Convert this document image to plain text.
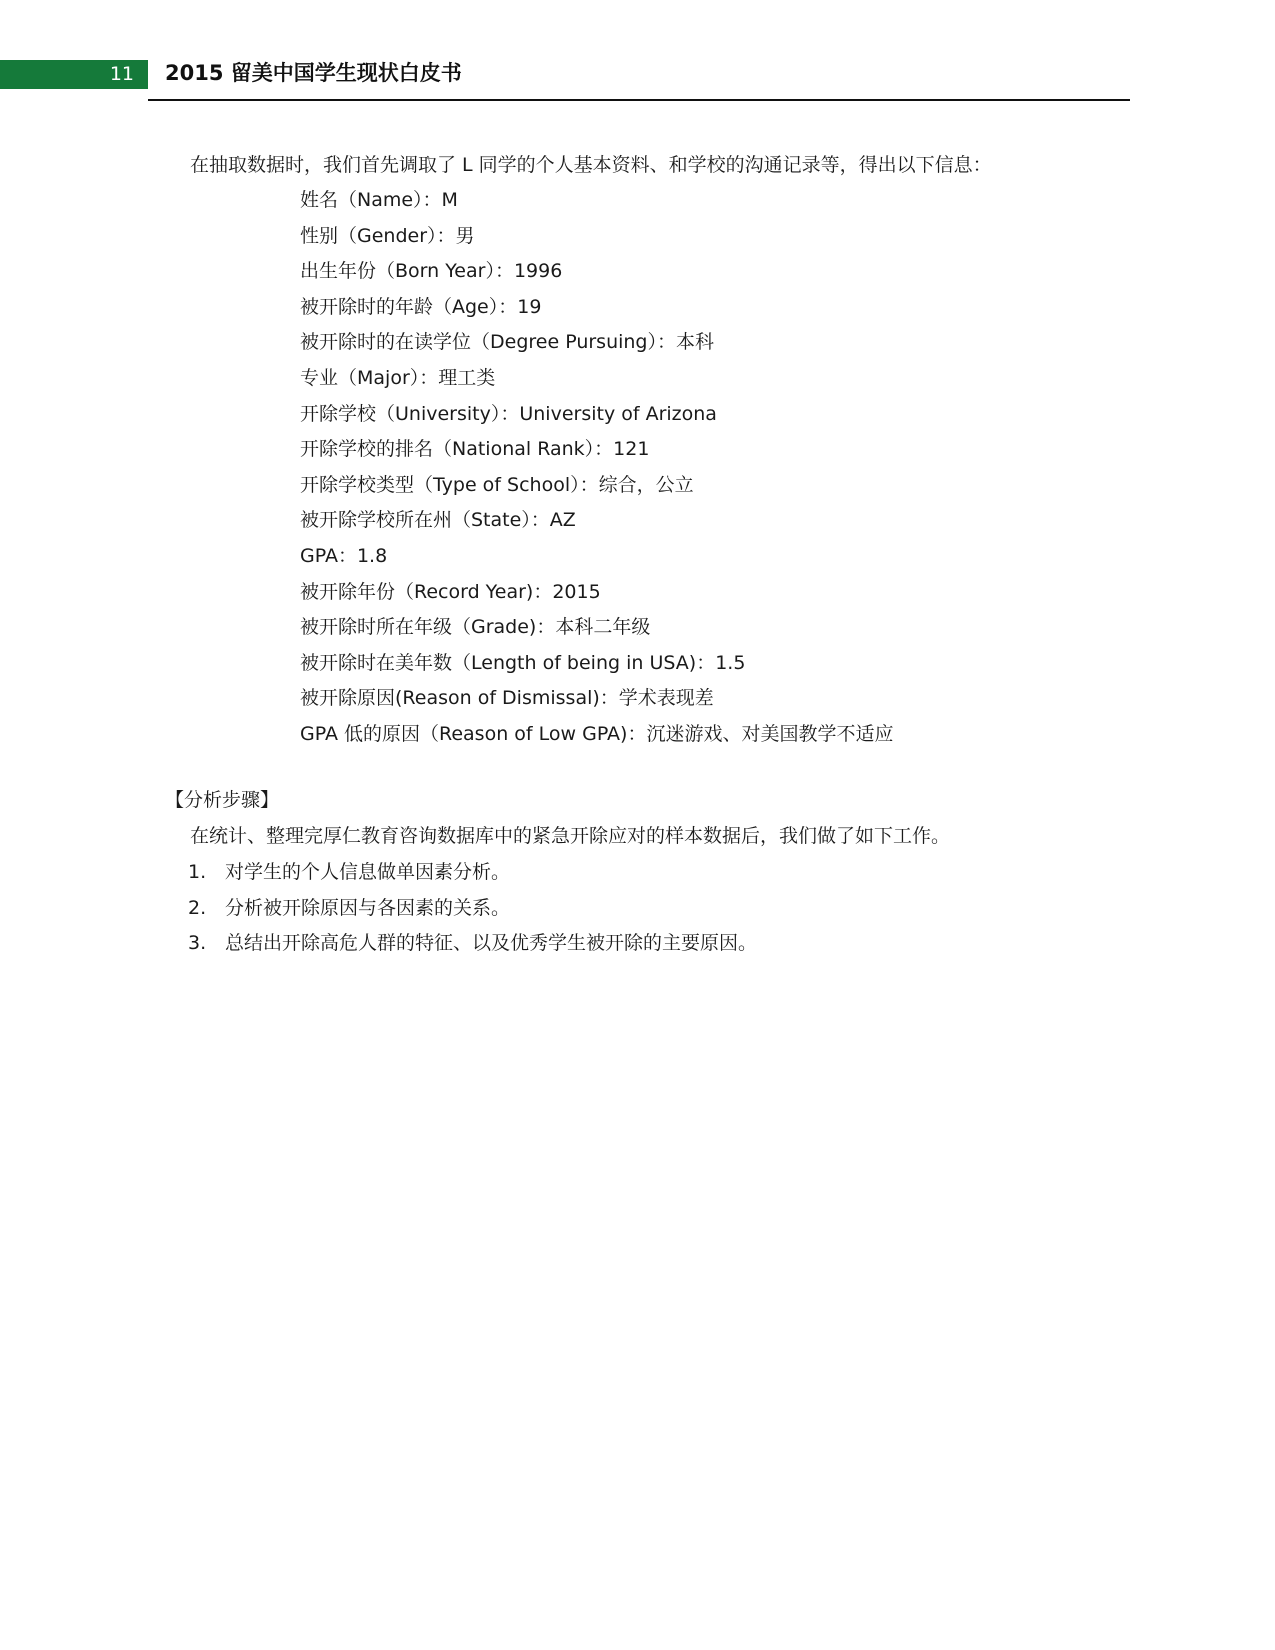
11 2015 留美中国学生现状白皮书
在抽取数据时，我们首先调取了 L 同学的个人基本资料、和学校的沟通记录等，得出以下信息：
姓名（Name）：M
性别（Gender）：男
出生年份（Born Year）：1996
被开除时的年龄（Age）：19
被开除时的在读学位（Degree Pursuing）：本科
专业（Major）：理工类
开除学校（University）：University of Arizona
开除学校的排名（National Rank）：121
开除学校类型（Type of School）：综合，公立
被开除学校所在州（State）：AZ
GPA：1.8
被开除年份（Record Year)：2015
被开除时所在年级（Grade)：本科二年级
被开除时在美年数（Length of being in USA)：1.5
被开除原因(Reason of Dismissal)：学术表现差
GPA 低的原因（Reason of Low GPA)：沉迷游戏、对美国教学不适应
【分析步骤】
在统计、整理完厚仁教育咨询数据库中的紧急开除应对的样本数据后，我们做了如下工作。
1. 对学生的个人信息做单因素分析。
2. 分析被开除原因与各因素的关系。
3. 总结出开除高危人群的特征、以及优秀学生被开除的主要原因。
